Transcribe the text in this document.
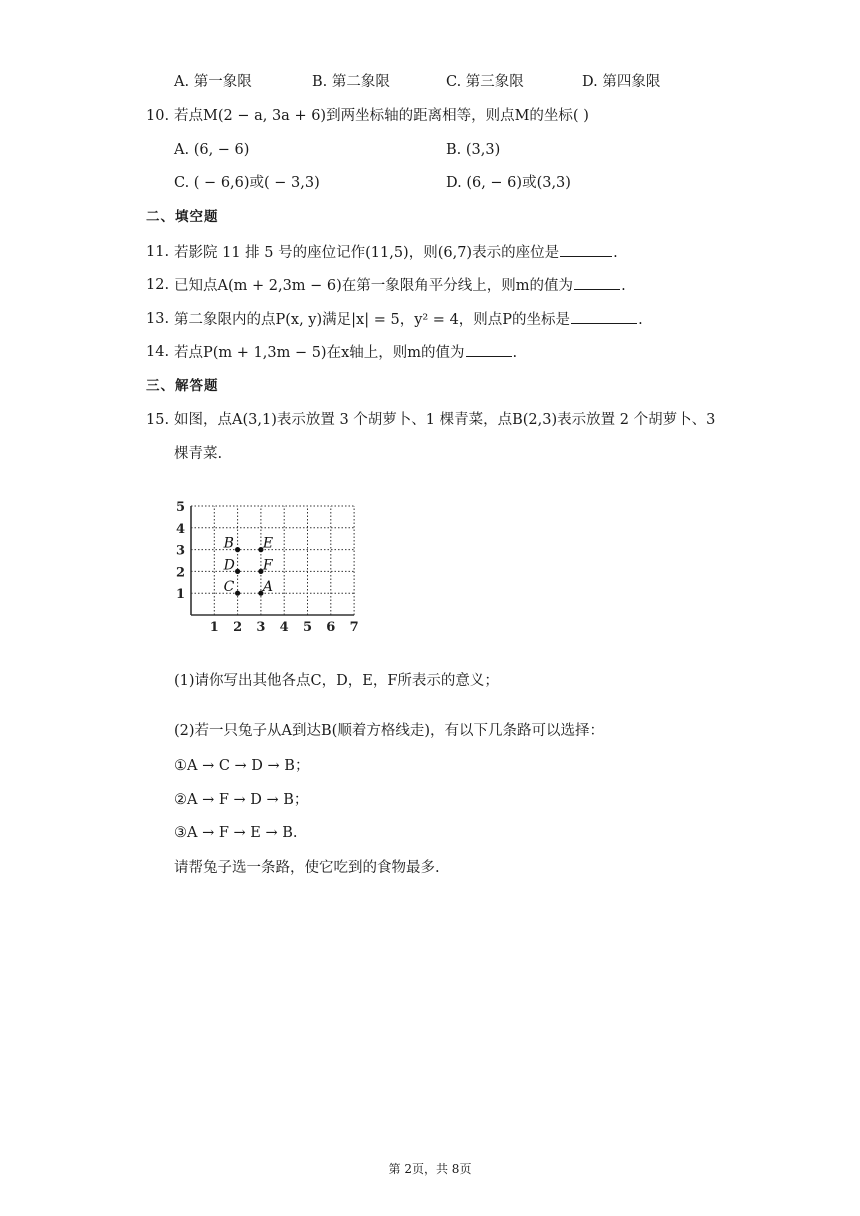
A. 第一象限	B. 第二象限	C. 第三象限	D. 第四象限
10. 若点M(2 − a, 3a + 6)到两坐标轴的距离相等，则点M的坐标( )
A. (6, − 6)	B. (3,3)
C. ( − 6,6)或( − 3,3)	D. (6, − 6)或(3,3)
二、填空题
11. 若影院 11 排 5 号的座位记作(11,5)，则(6,7)表示的座位是	.
12. 已知点A(m + 2,3m − 6)在第一象限角平分线上，则m的值为	.
13. 第二象限内的点P(x, y)满足|x| = 5，y² = 4，则点P的坐标是	.
14. 若点P(m + 1,3m − 5)在x轴上，则m的值为	.
三、解答题
15. 如图，点A(3,1)表示放置 3 个胡萝卜、1 棵青菜，点B(2,3)表示放置 2 个胡萝卜、3
棵青菜.
1 2 3 4 5 6 7
1
2
3
4
5
B E
D F
C A
(1)请你写出其他各点C，D，E，F所表示的意义；
(2)若一只兔子从A到达B(顺着方格线走)，有以下几条路可以选择：
①A → C → D → B；
②A → F → D → B；
③A → F → E → B.
请帮兔子选一条路，使它吃到的食物最多.
第 2页，共 8页
